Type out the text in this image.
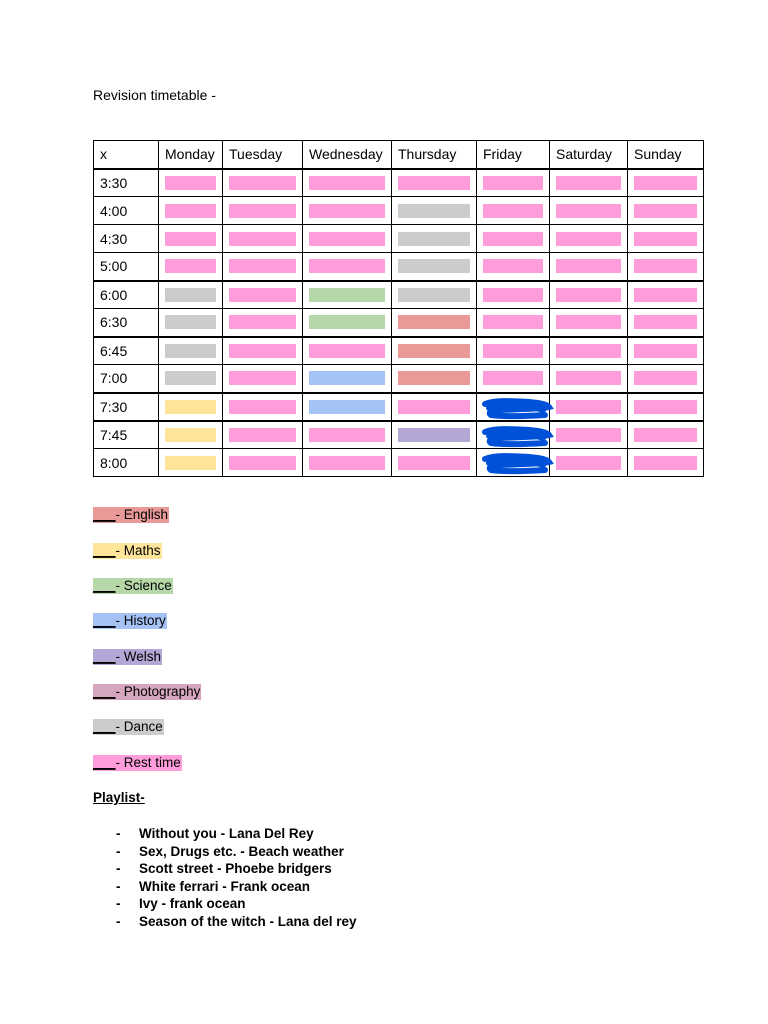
Revision timetable -
x	Monday	Tuesday	Wednesday	Thursday	Friday	Saturday	Sunday
3:30	

4:00	

4:30	

5:00	

6:00	

6:30	

6:45	

7:00	

7:30	

7:45	

8:00	

___- English
___- Maths
___- Science
___- History
___- Welsh
___- Photography
___- Dance
___- Rest time
Playlist-
- Without you - Lana Del Rey
- Sex, Drugs etc. - Beach weather
- Scott street - Phoebe bridgers
- White ferrari - Frank ocean
- Ivy - frank ocean
- Season of the witch - Lana del rey
